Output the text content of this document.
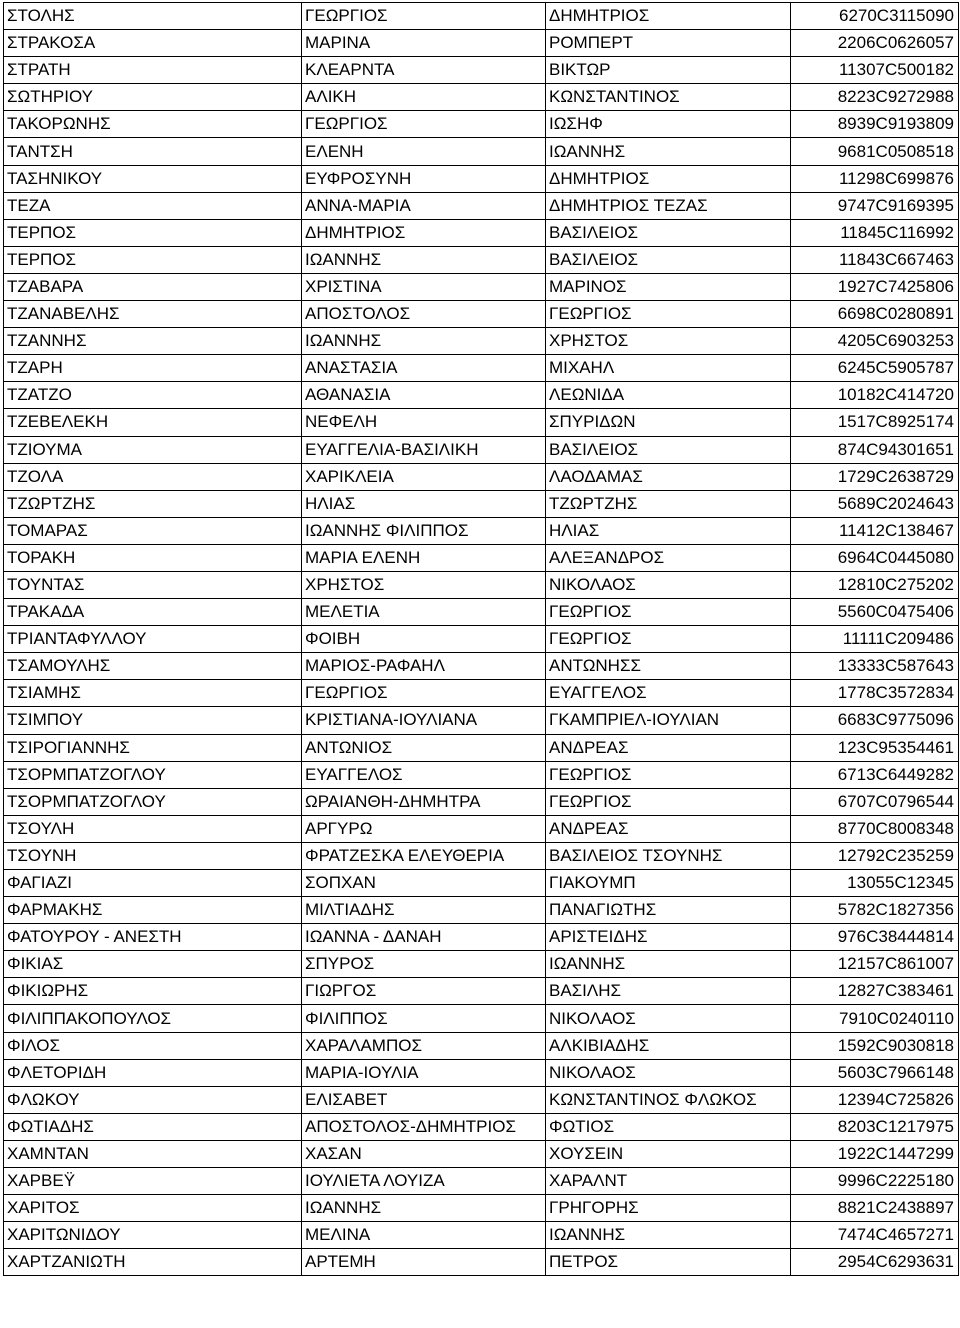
ΣΤΟΛΗΣ	ΓΕΩΡΓΙΟΣ	ΔΗΜΗΤΡΙΟΣ	6270C3115090
ΣΤΡΑΚΟΣΑ	ΜΑΡΙΝΑ	ΡΟΜΠΕΡΤ	2206C0626057
ΣΤΡΑΤΗ	ΚΛΕΑΡΝΤΑ	ΒΙΚΤΩΡ	11307C500182
ΣΩΤΗΡΙΟΥ	ΑΛΙΚΗ	ΚΩΝΣΤΑΝΤΙΝΟΣ	8223C9272988
ΤΑΚΟΡΩΝΗΣ	ΓΕΩΡΓΙΟΣ	ΙΩΣΗΦ	8939C9193809
ΤΑΝΤΣΗ	ΕΛΕΝΗ	ΙΩΑΝΝΗΣ	9681C0508518
ΤΑΣΗΝΙΚΟΥ	ΕΥΦΡΟΣΥΝΗ	ΔΗΜΗΤΡΙΟΣ	11298C699876
ΤΕΖΑ	ΑΝΝΑ-ΜΑΡΙΑ	ΔΗΜΗΤΡΙΟΣ ΤΕΖΑΣ	9747C9169395
ΤΕΡΠΟΣ	ΔΗΜΗΤΡΙΟΣ	ΒΑΣΙΛΕΙΟΣ	11845C116992
ΤΕΡΠΟΣ	ΙΩΑΝΝΗΣ	ΒΑΣΙΛΕΙΟΣ	11843C667463
ΤΖΑΒΑΡΑ	ΧΡΙΣΤΙΝΑ	ΜΑΡΙΝΟΣ	1927C7425806
ΤΖΑΝΑΒΕΛΗΣ	ΑΠΟΣΤΟΛΟΣ	ΓΕΩΡΓΙΟΣ	6698C0280891
ΤΖΑΝΝΗΣ	ΙΩΑΝΝΗΣ	ΧΡΗΣΤΟΣ	4205C6903253
ΤΖΑΡΗ	ΑΝΑΣΤΑΣΙΑ	ΜΙΧΑΗΛ	6245C5905787
ΤΖΑΤΖΟ	ΑΘΑΝΑΣΙΑ	ΛΕΩΝΙΔΑ	10182C414720
ΤΖΕΒΕΛΕΚΗ	ΝΕΦΕΛΗ	ΣΠΥΡΙΔΩΝ	1517C8925174
ΤΖΙΟΥΜΑ	ΕΥΑΓΓΕΛΙΑ-ΒΑΣΙΛΙΚΗ	ΒΑΣΙΛΕΙΟΣ	874C94301651
ΤΖΟΛΑ	ΧΑΡΙΚΛΕΙΑ	ΛΑΟΔΑΜΑΣ	1729C2638729
ΤΖΩΡΤΖΗΣ	ΗΛΙΑΣ	ΤΖΩΡΤΖΗΣ	5689C2024643
ΤΟΜΑΡΑΣ	ΙΩΑΝΝΗΣ ΦΙΛΙΠΠΟΣ	ΗΛΙΑΣ	11412C138467
ΤΟΡΑΚΗ	ΜΑΡΙΑ ΕΛΕΝΗ	ΑΛΕΞΑΝΔΡΟΣ	6964C0445080
ΤΟΥΝΤΑΣ	ΧΡΗΣΤΟΣ	ΝΙΚΟΛΑΟΣ	12810C275202
ΤΡΑΚΑΔΑ	ΜΕΛΕΤΙΑ	ΓΕΩΡΓΙΟΣ	5560C0475406
ΤΡΙΑΝΤΑΦΥΛΛΟΥ	ΦΟΙΒΗ	ΓΕΩΡΓΙΟΣ	11111C209486
ΤΣΑΜΟΥΛΗΣ	ΜΑΡΙΟΣ-ΡΑΦΑΗΛ	ΑΝΤΩΝΗΣΣ	13333C587643
ΤΣΙΑΜΗΣ	ΓΕΩΡΓΙΟΣ	ΕΥΑΓΓΕΛΟΣ	1778C3572834
ΤΣΙΜΠΟΥ	ΚΡΙΣΤΙΑΝΑ-ΙΟΥΛΙΑΝΑ	ΓΚΑΜΠΡΙΕΛ-ΙΟΥΛΙΑΝ	6683C9775096
ΤΣΙΡΟΓΙΑΝΝΗΣ	ΑΝΤΩΝΙΟΣ	ΑΝΔΡΕΑΣ	123C95354461
ΤΣΟΡΜΠΑΤΖΟΓΛΟΥ	ΕΥΑΓΓΕΛΟΣ	ΓΕΩΡΓΙΟΣ	6713C6449282
ΤΣΟΡΜΠΑΤΖΟΓΛΟΥ	ΩΡΑΙΑΝΘΗ-ΔΗΜΗΤΡΑ	ΓΕΩΡΓΙΟΣ	6707C0796544
ΤΣΟΥΛΗ	ΑΡΓΥΡΩ	ΑΝΔΡΕΑΣ	8770C8008348
ΤΣΟΥΝΗ	ΦΡΑΤΖΕΣΚΑ ΕΛΕΥΘΕΡΙΑ	ΒΑΣΙΛΕΙΟΣ ΤΣΟΥΝΗΣ	12792C235259
ΦΑΓΙΑΖΙ	ΣΟΠΧΑΝ	ΓΙΑΚΟΥΜΠ	13055C12345
ΦΑΡΜΑΚΗΣ	ΜΙΛΤΙΑΔΗΣ	ΠΑΝΑΓΙΩΤΗΣ	5782C1827356
ΦΑΤΟΥΡΟΥ - ΑΝΕΣΤΗ	ΙΩΑΝΝΑ - ΔΑΝΑΗ	ΑΡΙΣΤΕΙΔΗΣ	976C38444814
ΦΙΚΙΑΣ	ΣΠΥΡΟΣ	ΙΩΑΝΝΗΣ	12157C861007
ΦΙΚΙΩΡΗΣ	ΓΙΩΡΓΟΣ	ΒΑΣΙΛΗΣ	12827C383461
ΦΙΛΙΠΠΑΚΟΠΟΥΛΟΣ	ΦΙΛΙΠΠΟΣ	ΝΙΚΟΛΑΟΣ	7910C0240110
ΦΙΛΟΣ	ΧΑΡΑΛΑΜΠΟΣ	ΑΛΚΙΒΙΑΔΗΣ	1592C9030818
ΦΛΕΤΟΡΙΔΗ	ΜΑΡΙΑ-ΙΟΥΛΙΑ	ΝΙΚΟΛΑΟΣ	5603C7966148
ΦΛΩΚΟΥ	ΕΛΙΣΑΒΕΤ	ΚΩΝΣΤΑΝΤΙΝΟΣ ΦΛΩΚΟΣ	12394C725826
ΦΩΤΙΑΔΗΣ	ΑΠΟΣΤΟΛΟΣ-ΔΗΜΗΤΡΙΟΣ	ΦΩΤΙΟΣ	8203C1217975
ΧΑΜΝΤΑΝ	ΧΑΣΑΝ	ΧΟΥΣΕΙΝ	1922C1447299
ΧΑΡΒΕΫ	ΙΟΥΛΙΕΤΑ ΛΟΥΙΖΑ	ΧΑΡΑΛΝΤ	9996C2225180
ΧΑΡΙΤΟΣ	ΙΩΑΝΝΗΣ	ΓΡΗΓΟΡΗΣ	8821C2438897
ΧΑΡΙΤΩΝΙΔΟΥ	ΜΕΛΙΝΑ	ΙΩΑΝΝΗΣ	7474C4657271
ΧΑΡΤΖΑΝΙΩΤΗ	ΑΡΤΕΜΗ	ΠΕΤΡΟΣ	2954C6293631
